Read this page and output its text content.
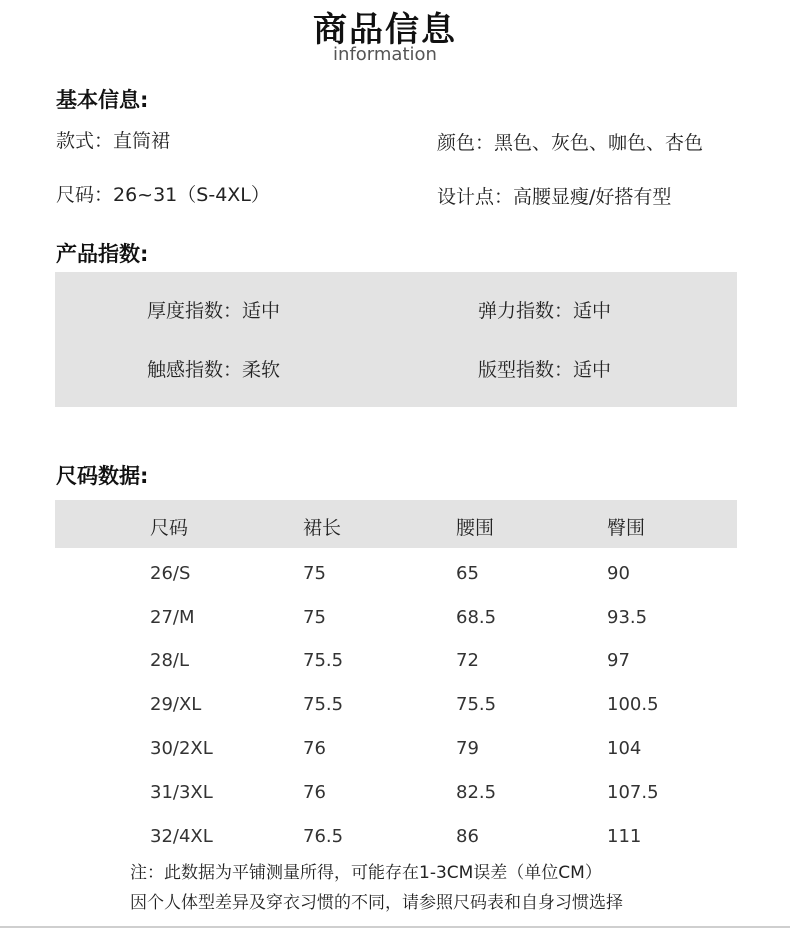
商品信息
information
基本信息:
款式：直筒裙	颜色：黑色、灰色、咖色、杏色
尺码：26~31（S-4XL）	设计点：高腰显瘦/好搭有型
产品指数:
厚度指数：适中	弹力指数：适中
触感指数：柔软	版型指数：适中
尺码数据:
尺码	裙长	腰围	臀围
26/S	75	65	90
27/M	75	68.5	93.5
28/L	75.5	72	97
29/XL	75.5	75.5	100.5
30/2XL	76	79	104
31/3XL	76	82.5	107.5
32/4XL	76.5	86	111
注：此数据为平铺测量所得，可能存在1-3CM误差（单位CM）
因个人体型差异及穿衣习惯的不同，请参照尺码表和自身习惯选择
